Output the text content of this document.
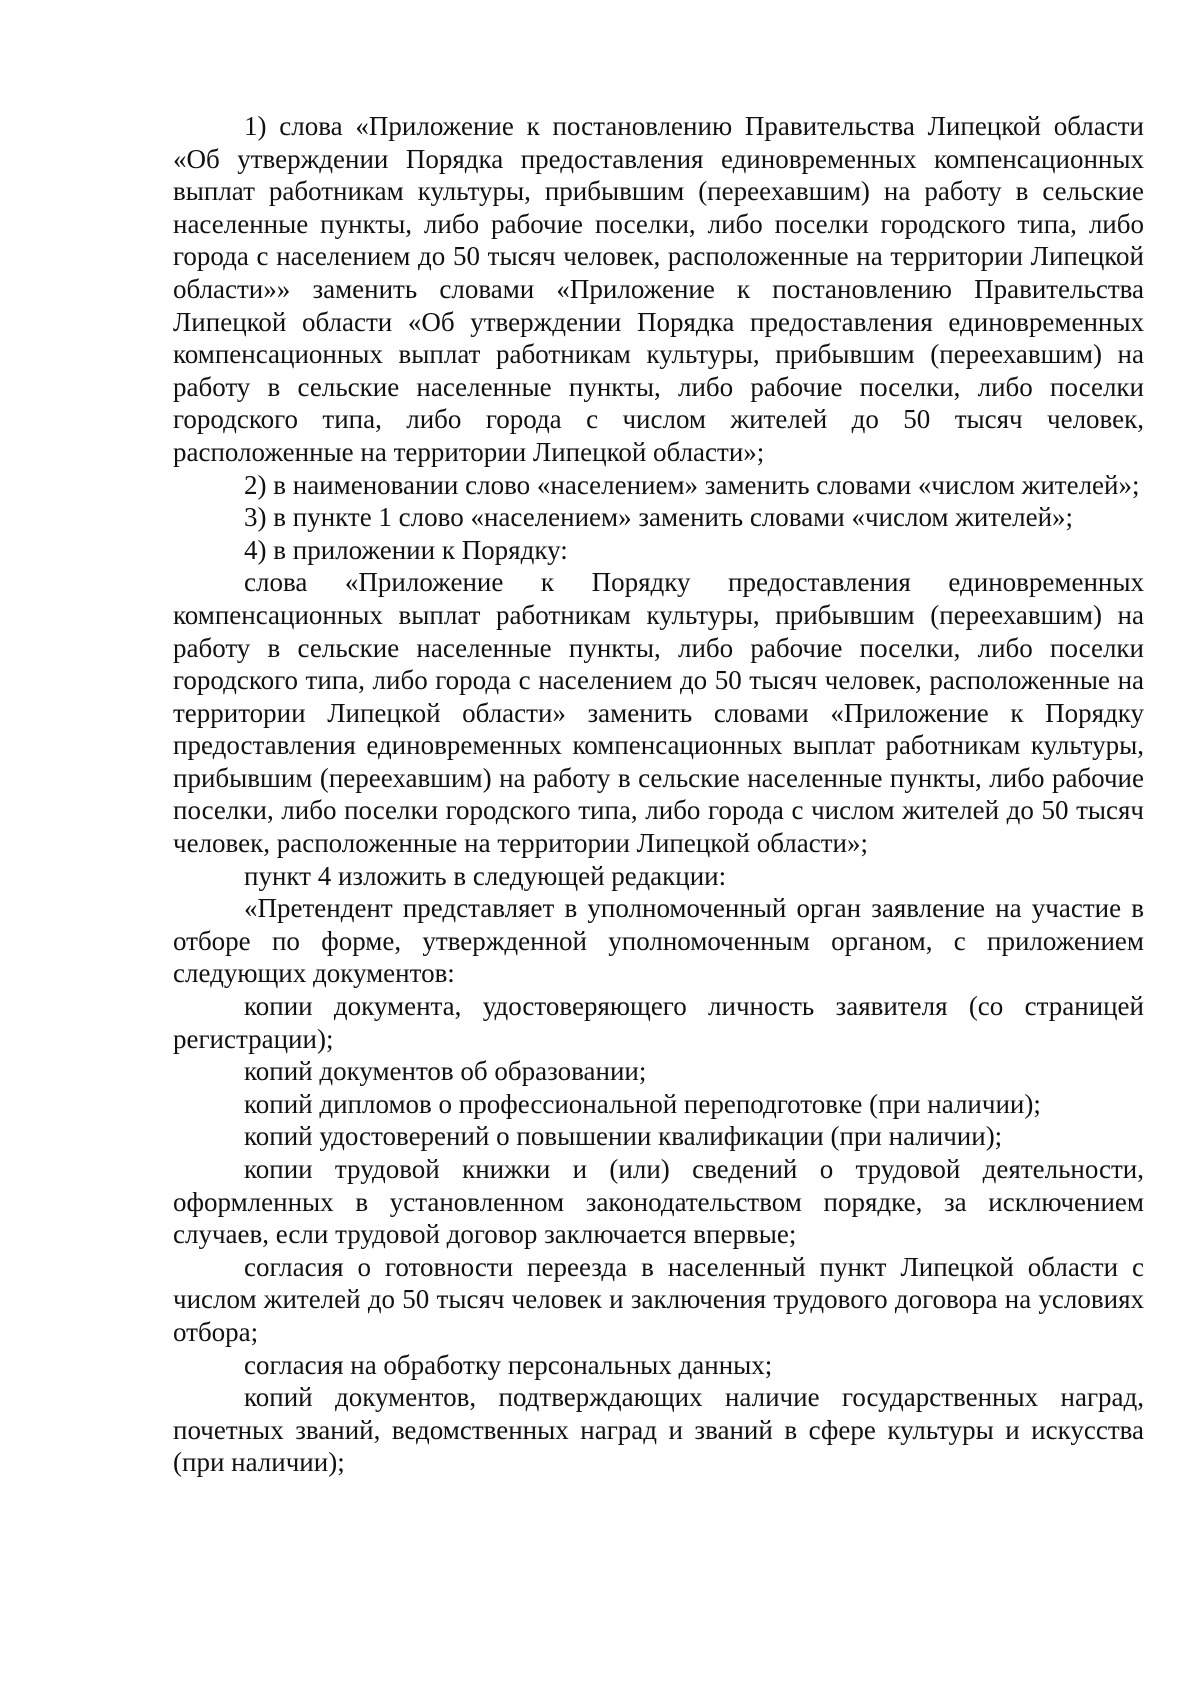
1) слова «Приложение к постановлению Правительства Липецкой области «Об утверждении Порядка предоставления единовременных компенсационных выплат работникам культуры, прибывшим (переехавшим) на работу в сельские населенные пункты, либо рабочие поселки, либо поселки городского типа, либо города с населением до 50 тысяч человек, расположенные на территории Липецкой области»» заменить словами «Приложение к постановлению Правительства Липецкой области «Об утверждении Порядка предоставления единовременных компенсационных выплат работникам культуры, прибывшим (переехавшим) на работу в сельские населенные пункты, либо рабочие поселки, либо поселки городского типа, либо города с числом жителей до 50 тысяч человек, расположенные на территории Липецкой области»;

2) в наименовании слово «населением» заменить словами «числом жителей»;

3) в пункте 1 слово «населением» заменить словами «числом жителей»;

4) в приложении к Порядку:

слова «Приложение к Порядку предоставления единовременных компенсационных выплат работникам культуры, прибывшим (переехавшим) на работу в сельские населенные пункты, либо рабочие поселки, либо поселки городского типа, либо города с населением до 50 тысяч человек, расположенные на территории Липецкой области» заменить словами «Приложение к Порядку предоставления единовременных компенсационных выплат работникам культуры, прибывшим (переехавшим) на работу в сельские населенные пункты, либо рабочие поселки, либо поселки городского типа, либо города с числом жителей до 50 тысяч человек, расположенные на территории Липецкой области»;

пункт 4 изложить в следующей редакции:

«Претендент представляет в уполномоченный орган заявление на участие в отборе по форме, утвержденной уполномоченным органом, с приложением следующих документов:

копии документа, удостоверяющего личность заявителя (со страницей регистрации);

копий документов об образовании;

копий дипломов о профессиональной переподготовке (при наличии);

копий удостоверений о повышении квалификации (при наличии);

копии трудовой книжки и (или) сведений о трудовой деятельности, оформленных в установленном законодательством порядке, за исключением случаев, если трудовой договор заключается впервые;

согласия о готовности переезда в населенный пункт Липецкой области с числом жителей до 50 тысяч человек и заключения трудового договора на условиях отбора;

согласия на обработку персональных данных;

копий документов, подтверждающих наличие государственных наград, почетных званий, ведомственных наград и званий в сфере культуры и искусства (при наличии);
